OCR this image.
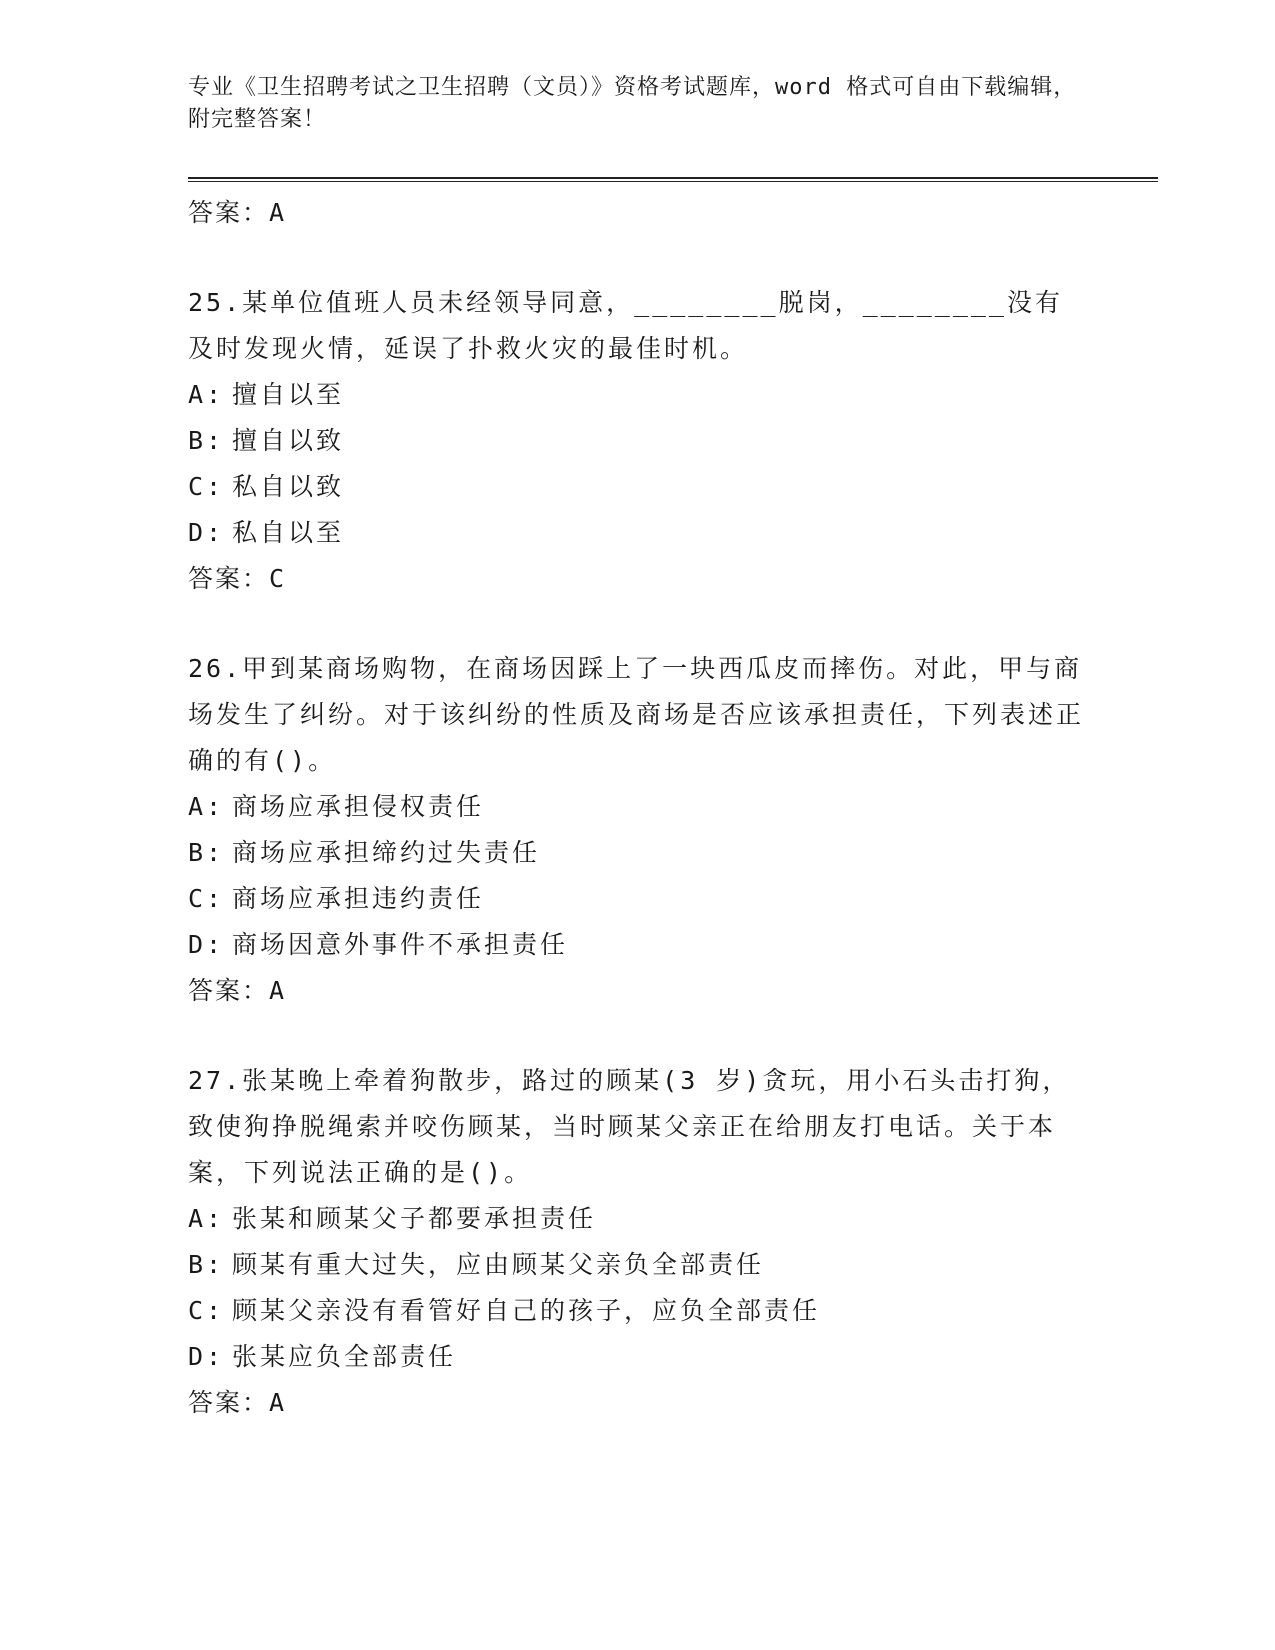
专业《卫生招聘考试之卫生招聘（文员）》资格考试题库，word 格式可自由下载编辑，附完整答案！
答案：A
25.某单位值班人员未经领导同意，________脱岗，________没有及时发现火情，延误了扑救火灾的最佳时机。
A: 擅自以至
B: 擅自以致
C: 私自以致
D: 私自以至
答案：C
26.甲到某商场购物，在商场因踩上了一块西瓜皮而摔伤。对此，甲与商场发生了纠纷。对于该纠纷的性质及商场是否应该承担责任，下列表述正确的有()。
A: 商场应承担侵权责任
B: 商场应承担缔约过失责任
C: 商场应承担违约责任
D: 商场因意外事件不承担责任
答案：A
27.张某晚上牵着狗散步，路过的顾某(3 岁)贪玩，用小石头击打狗，致使狗挣脱绳索并咬伤顾某，当时顾某父亲正在给朋友打电话。关于本案，下列说法正确的是()。
A: 张某和顾某父子都要承担责任
B: 顾某有重大过失，应由顾某父亲负全部责任
C: 顾某父亲没有看管好自己的孩子，应负全部责任
D: 张某应负全部责任
答案：A
